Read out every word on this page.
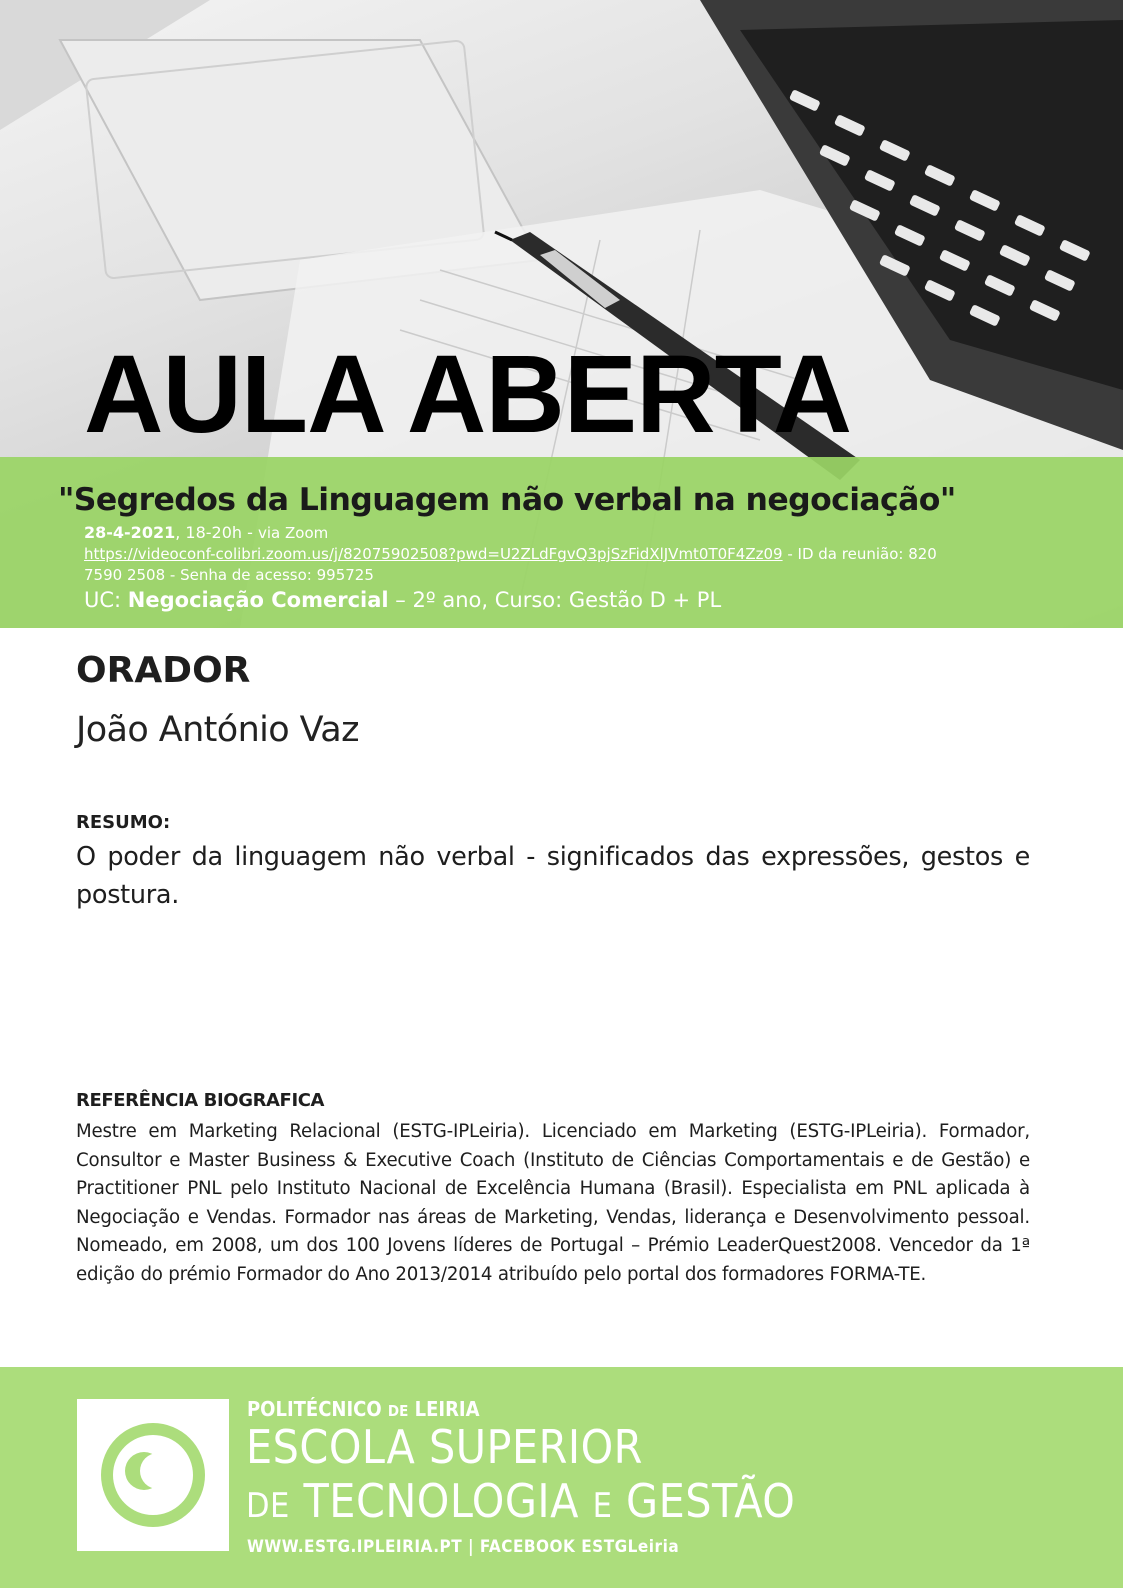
AULA ABERTA
"Segredos da Linguagem não verbal na negociação"
28-4-2021, 18-20h - via Zoom
https://videoconf-colibri.zoom.us/j/82075902508?pwd=U2ZLdFgvQ3pjSzFidXlJVmt0T0F4Zz09 - ID da reunião: 820
7590 2508 - Senha de acesso: 995725
UC: Negociação Comercial – 2º ano, Curso: Gestão D + PL
ORADOR

João António Vaz

RESUMO:

O poder da linguagem não verbal - significados das expressões, gestos e postura.

REFERÊNCIA BIOGRAFICA

Mestre em Marketing Relacional (ESTG-IPLeiria). Licenciado em Marketing (ESTG-IPLeiria). Formador, Consultor e Master Business & Executive Coach (Instituto de Ciências Comportamentais e de Gestão) e Practitioner PNL pelo Instituto Nacional de Excelência Humana (Brasil). Especialista em PNL aplicada à Negociação e Vendas. Formador nas áreas de Marketing, Vendas, liderança e Desenvolvimento pessoal. Nomeado, em 2008, um dos 100 Jovens líderes de Portugal – Prémio LeaderQuest2008. Vencedor da 1ª edição do prémio Formador do Ano 2013/2014 atribuído pelo portal dos formadores FORMA-TE.

POLITÉCNICO DE LEIRIA
ESCOLA SUPERIOR
DE TECNOLOGIA E GESTÃO
WWW.ESTG.IPLEIRIA.PT | FACEBOOK ESTGLeiria
